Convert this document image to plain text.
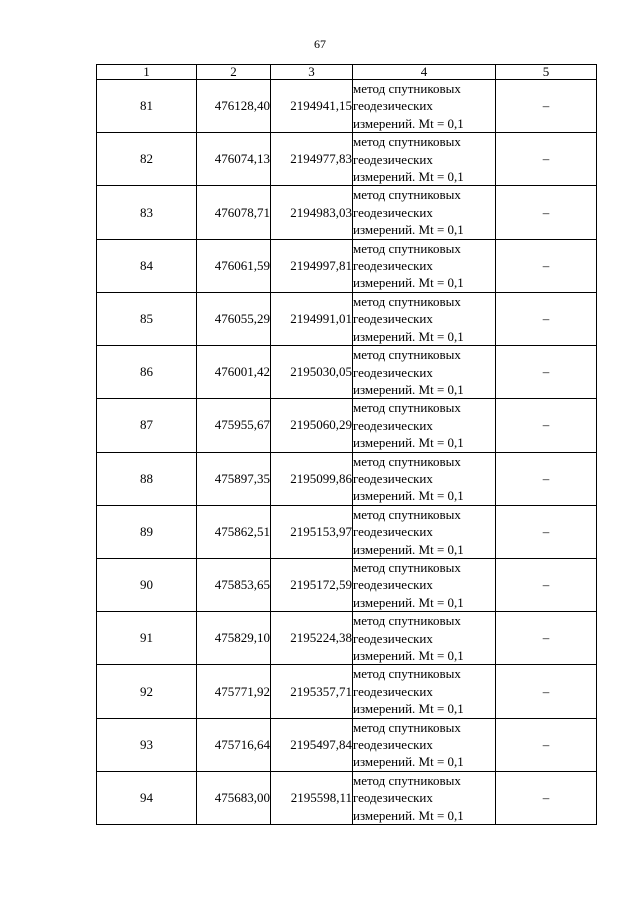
67
1	2	3	4	5
81	476128,40	2194941,15	метод спутниковых
геодезических
измерений. Mt = 0,1	–
82	476074,13	2194977,83	метод спутниковых
геодезических
измерений. Mt = 0,1	–
83	476078,71	2194983,03	метод спутниковых
геодезических
измерений. Mt = 0,1	–
84	476061,59	2194997,81	метод спутниковых
геодезических
измерений. Mt = 0,1	–
85	476055,29	2194991,01	метод спутниковых
геодезических
измерений. Mt = 0,1	–
86	476001,42	2195030,05	метод спутниковых
геодезических
измерений. Mt = 0,1	–
87	475955,67	2195060,29	метод спутниковых
геодезических
измерений. Mt = 0,1	–
88	475897,35	2195099,86	метод спутниковых
геодезических
измерений. Mt = 0,1	–
89	475862,51	2195153,97	метод спутниковых
геодезических
измерений. Mt = 0,1	–
90	475853,65	2195172,59	метод спутниковых
геодезических
измерений. Mt = 0,1	–
91	475829,10	2195224,38	метод спутниковых
геодезических
измерений. Mt = 0,1	–
92	475771,92	2195357,71	метод спутниковых
геодезических
измерений. Mt = 0,1	–
93	475716,64	2195497,84	метод спутниковых
геодезических
измерений. Mt = 0,1	–
94	475683,00	2195598,11	метод спутниковых
геодезических
измерений. Mt = 0,1	–
